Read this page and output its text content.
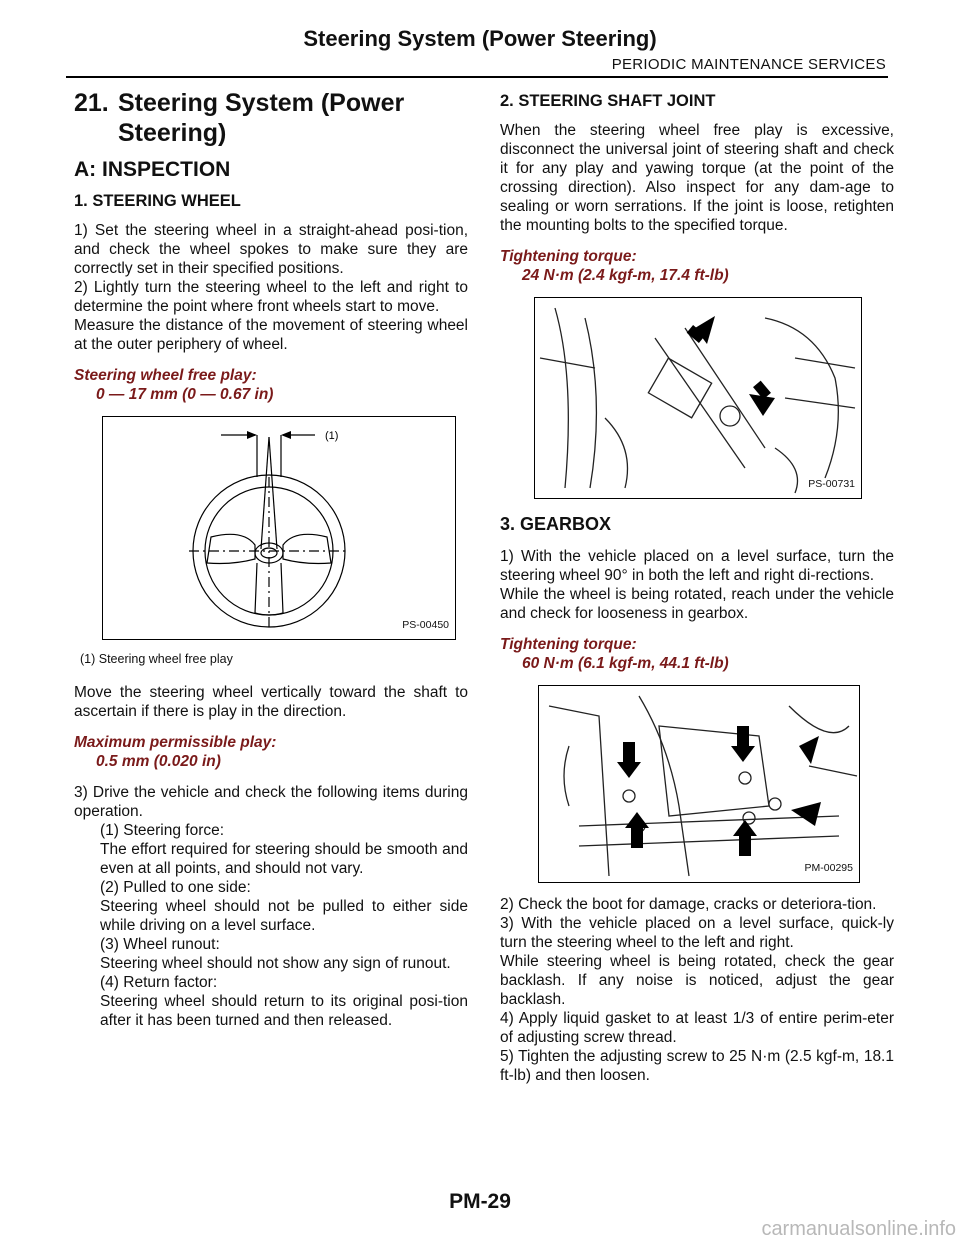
Steering System (Power Steering)
PERIODIC MAINTENANCE SERVICES
21. Steering System (Power
Steering)
A: INSPECTION
1. STEERING WHEEL

1) Set the steering wheel in a straight-ahead posi-tion, and check the wheel spokes to make sure they are correctly set in their specified positions.

2) Lightly turn the steering wheel to the left and right to determine the point where front wheels start to move.

Measure the distance of the movement of steering wheel at the outer periphery of wheel.

Steering wheel free play:
0 — 17 mm (0 — 0.67 in)
(1)
PS-00450
(1) Steering wheel free play

Move the steering wheel vertically toward the shaft to ascertain if there is play in the direction.

Maximum permissible play:
0.5 mm (0.020 in)

3) Drive the vehicle and check the following items during operation.

(1) Steering force:

The effort required for steering should be smooth and even at all points, and should not vary.

(2) Pulled to one side:

Steering wheel should not be pulled to either side while driving on a level surface.

(3) Wheel runout:

Steering wheel should not show any sign of runout.

(4) Return factor:

Steering wheel should return to its original posi-tion after it has been turned and then released.

2. STEERING SHAFT JOINT

When the steering wheel free play is excessive, disconnect the universal joint of steering shaft and check it for any play and yawing torque (at the point of the crossing direction). Also inspect for any dam-age to sealing or worn serrations. If the joint is loose, retighten the mounting bolts to the specified torque.

Tightening torque:
24 N·m (2.4 kgf-m, 17.4 ft-lb)
PS-00731
3. GEARBOX

1) With the vehicle placed on a level surface, turn the steering wheel 90° in both the left and right di-rections.

While the wheel is being rotated, reach under the vehicle and check for looseness in gearbox.

Tightening torque:
60 N·m (6.1 kgf-m, 44.1 ft-lb)
PM-00295

2) Check the boot for damage, cracks or deteriora-tion.

3) With the vehicle placed on a level surface, quick-ly turn the steering wheel to the left and right.

While steering wheel is being rotated, check the gear backlash. If any noise is noticed, adjust the gear backlash.

4) Apply liquid gasket to at least 1/3 of entire perim-eter of adjusting screw thread.

5) Tighten the adjusting screw to 25 N·m (2.5 kgf-m, 18.1 ft-lb) and then loosen.

PM-29
carmanualsonline.info
